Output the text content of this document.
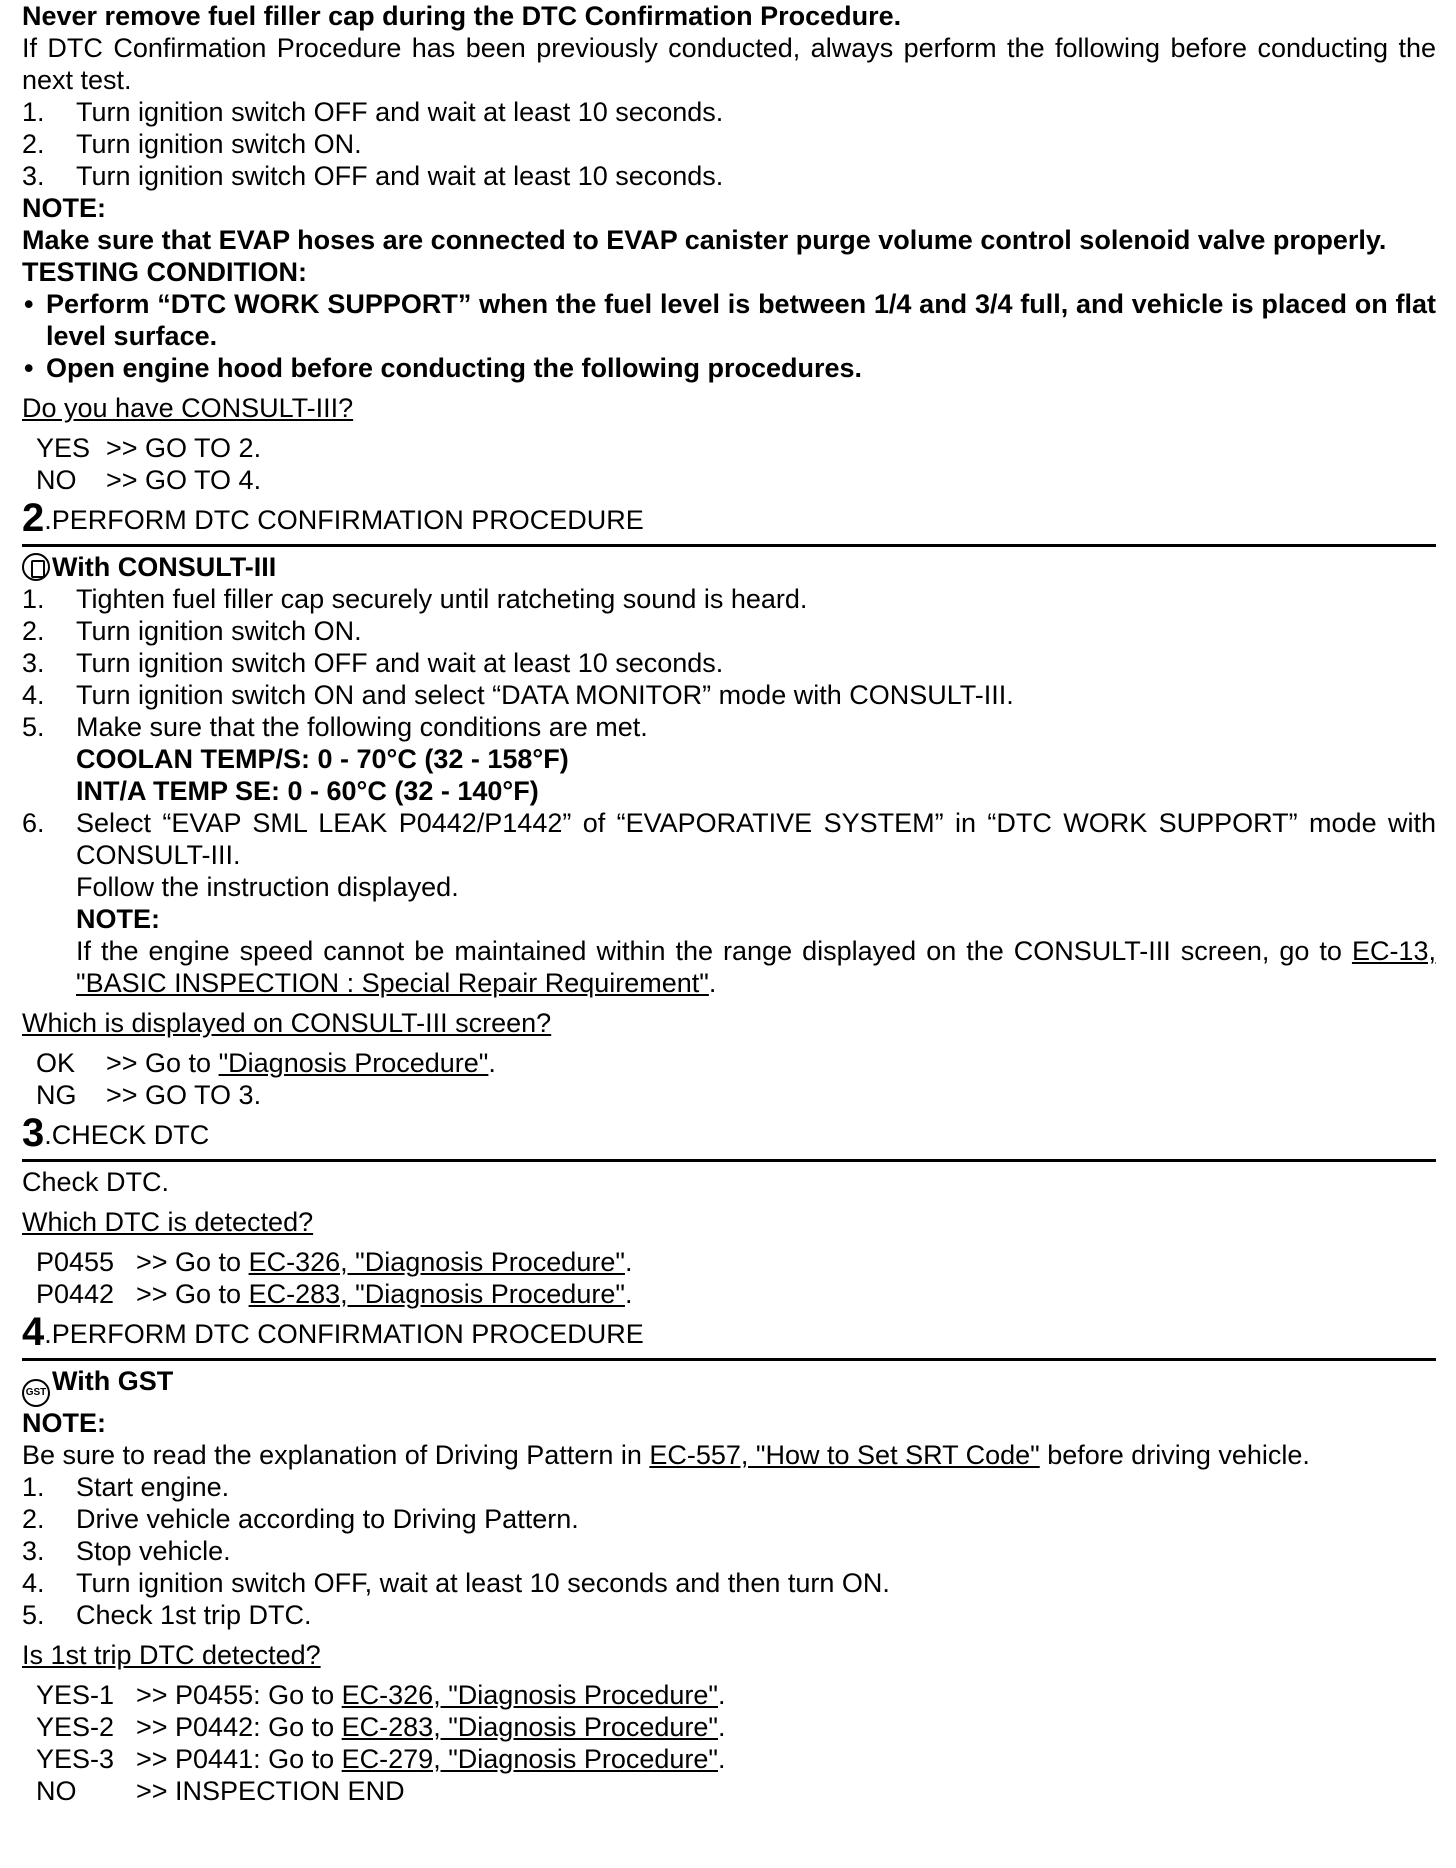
Never remove fuel filler cap during the DTC Confirmation Procedure.
If DTC Confirmation Procedure has been previously conducted, always perform the following before conducting the next test.
1.	Turn ignition switch OFF and wait at least 10 seconds.
2.	Turn ignition switch ON.
3.	Turn ignition switch OFF and wait at least 10 seconds.
NOTE:
Make sure that EVAP hoses are connected to EVAP canister purge volume control solenoid valve properly.
TESTING CONDITION:
• Perform “DTC WORK SUPPORT” when the fuel level is between 1/4 and 3/4 full, and vehicle is placed on flat level surface.
• Open engine hood before conducting the following procedures.
Do you have CONSULT-III?
YES >> GO TO 2.
NO >> GO TO 4.
2 .PERFORM DTC CONFIRMATION PROCEDURE
With CONSULT-III
1.	Tighten fuel filler cap securely until ratcheting sound is heard.
2.	Turn ignition switch ON.
3.	Turn ignition switch OFF and wait at least 10 seconds.
4.	Turn ignition switch ON and select “DATA MONITOR” mode with CONSULT-III.
5.	Make sure that the following conditions are met.
COOLAN TEMP/S: 0 - 70°C (32 - 158°F)
INT/A TEMP SE: 0 - 60°C (32 - 140°F)
6.	Select “EVAP SML LEAK P0442/P1442” of “EVAPORATIVE SYSTEM” in “DTC WORK SUPPORT” mode with CONSULT-III.
Follow the instruction displayed.
NOTE:
If the engine speed cannot be maintained within the range displayed on the CONSULT-III screen, go to EC-13, "BASIC INSPECTION : Special Repair Requirement".
Which is displayed on CONSULT-III screen?
OK >> Go to "Diagnosis Procedure".
NG >> GO TO 3.
3 .CHECK DTC
Check DTC.
Which DTC is detected?
P0455 >> Go to EC-326, "Diagnosis Procedure".
P0442 >> Go to EC-283, "Diagnosis Procedure".
4 .PERFORM DTC CONFIRMATION PROCEDURE
GST With GST
NOTE:
Be sure to read the explanation of Driving Pattern in EC-557, "How to Set SRT Code" before driving vehicle.
1.	Start engine.
2.	Drive vehicle according to Driving Pattern.
3.	Stop vehicle.
4.	Turn ignition switch OFF, wait at least 10 seconds and then turn ON.
5.	Check 1st trip DTC.
Is 1st trip DTC detected?
YES-1 >> P0455: Go to EC-326, "Diagnosis Procedure".
YES-2 >> P0442: Go to EC-283, "Diagnosis Procedure".
YES-3 >> P0441: Go to EC-279, "Diagnosis Procedure".
NO >> INSPECTION END
